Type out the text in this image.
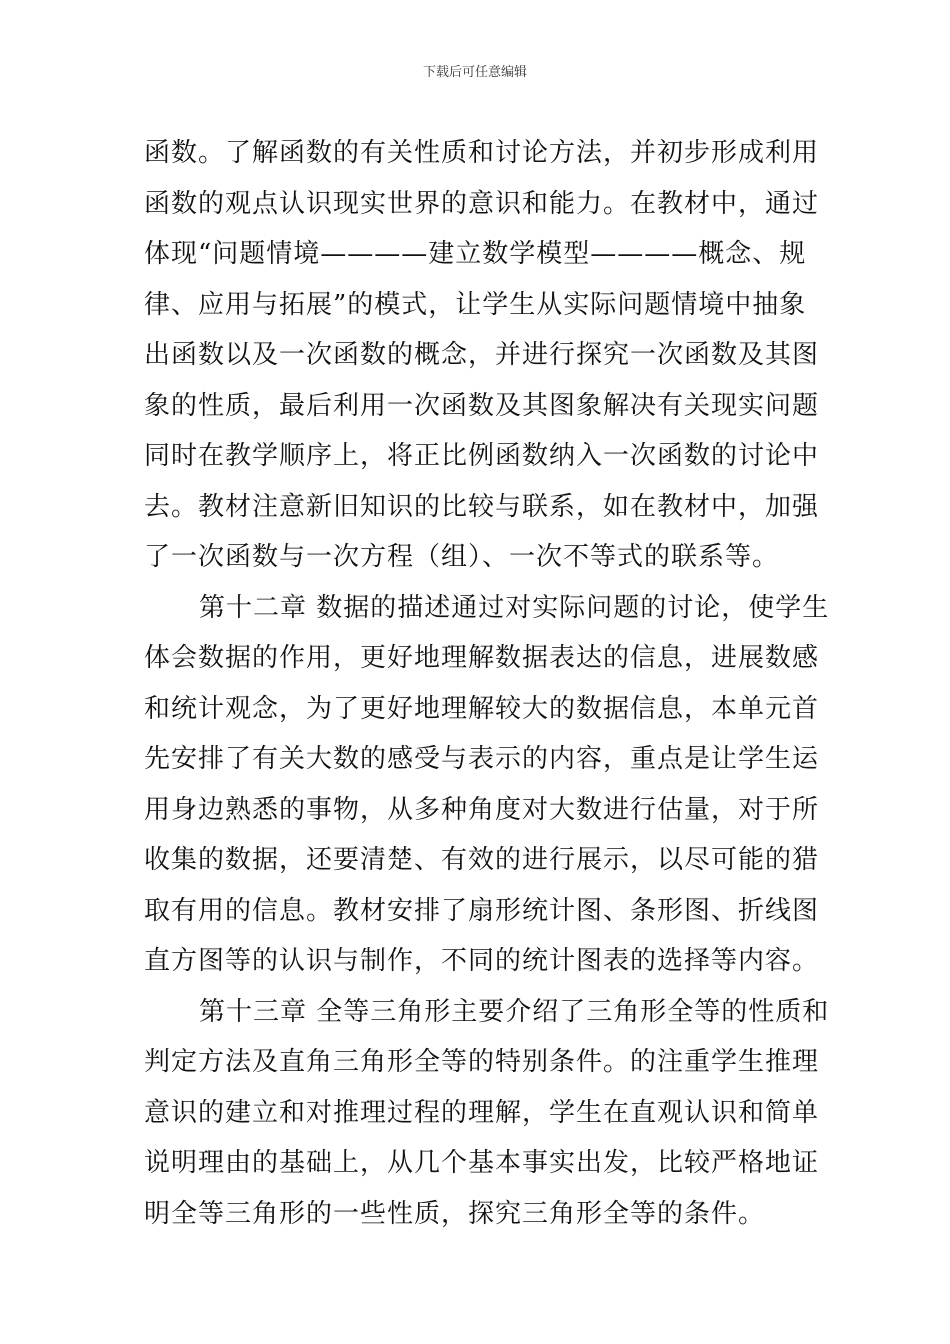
下载后可任意编辑
函数。了解函数的有关性质和讨论方法，并初步形成利用
函数的观点认识现实世界的意识和能力。在教材中，通过
体现“问题情境————建立数学模型————概念、规
律、应用与拓展”的模式，让学生从实际问题情境中抽象
出函数以及一次函数的概念，并进行探究一次函数及其图
象的性质，最后利用一次函数及其图象解决有关现实问题
同时在教学顺序上，将正比例函数纳入一次函数的讨论中
去。教材注意新旧知识的比较与联系，如在教材中，加强
了一次函数与一次方程（组）、一次不等式的联系等。
第十二章 数据的描述通过对实际问题的讨论，使学生
体会数据的作用，更好地理解数据表达的信息，进展数感
和统计观念，为了更好地理解较大的数据信息，本单元首
先安排了有关大数的感受与表示的内容，重点是让学生运
用身边熟悉的事物，从多种角度对大数进行估量，对于所
收集的数据，还要清楚、有效的进行展示，以尽可能的猎
取有用的信息。教材安排了扇形统计图、条形图、折线图
直方图等的认识与制作，不同的统计图表的选择等内容。
第十三章 全等三角形主要介绍了三角形全等的性质和
判定方法及直角三角形全等的特别条件。的注重学生推理
意识的建立和对推理过程的理解，学生在直观认识和简单
说明理由的基础上，从几个基本事实出发，比较严格地证
明全等三角形的一些性质，探究三角形全等的条件。
